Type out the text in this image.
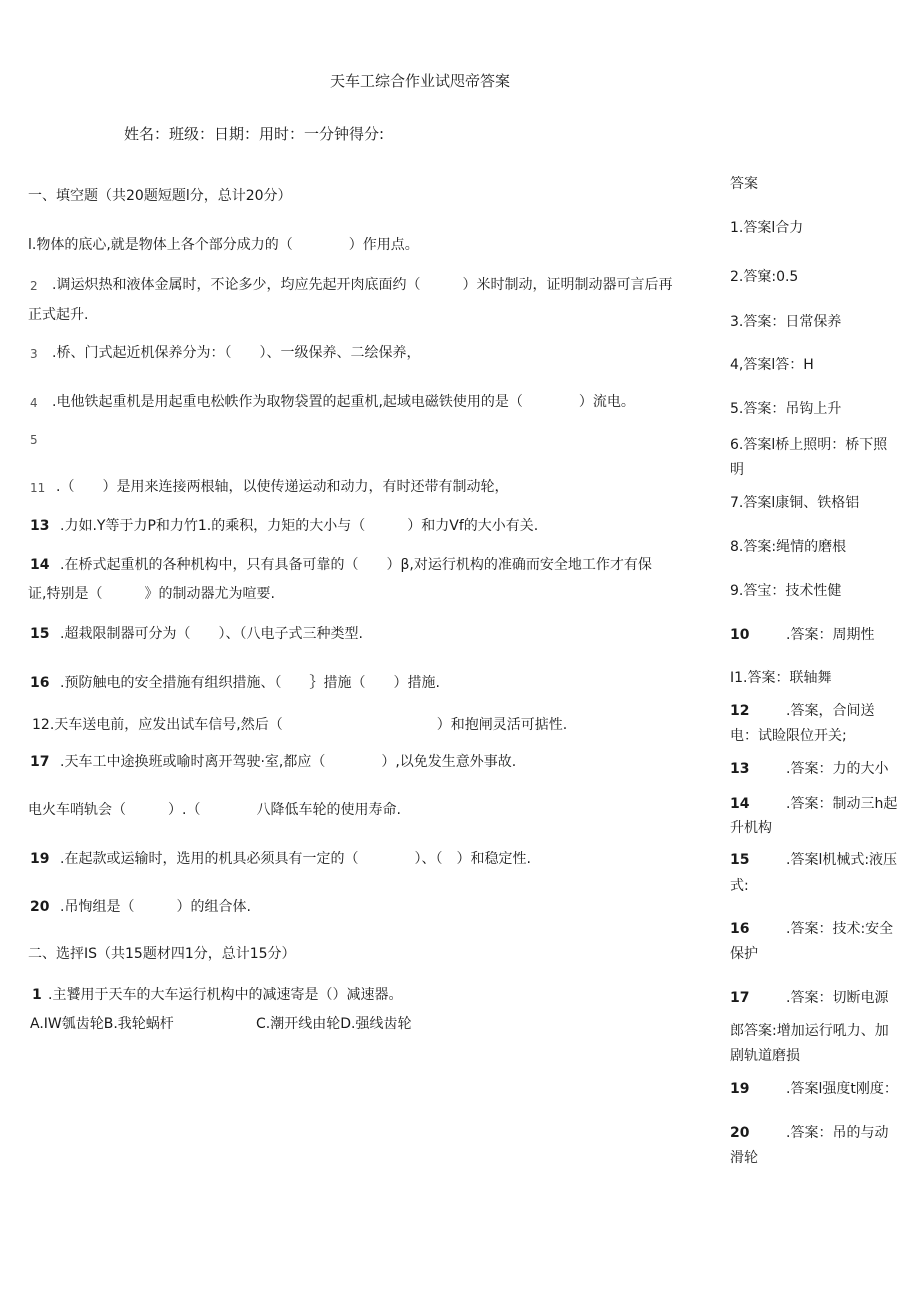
天车工综合作业试咫帝答案
姓名：班级：日期：用时：一分钟得分:
一、填空题（共20题短题l分，总计20分）
l.物体的底心,就是物体上各个部分成力的（　　　　）作用点。
2 .调运炽热和液体金属时，不论多少，均应先起开肉底面约（　　　）米时制动，证明制动器可言后再
正式起升.
3 .桥、门式起近机保养分为：（　　）、一级保养、二绘保养，
4 .电他铁起重机是用起重电松帙作为取物袋置的起重机,起域电磁铁使用的是（　　　　）流电。
5
11 .（　　）是用来连接两根轴，以使传递运动和动力，有时还带有制动轮，
13 .力如.Y等于力P和力竹1.的乘积，力矩的大小与（　　　）和力Vf的大小有关.
14 .在桥式起重机的各种机构中，只有具备可靠的（　　）β,对运行机构的准确而安全地工作才有保
证,特别是（　　　》的制动器尤为喧要.
15 .超栽限制器可分为（　　）、（八电子式三种类型.
16 .预防触电的安全措施有组织措施、（　　｝措施（　　）措施.
12.天车送电前，应发出试车信号,然后（　　　　　　　　　　　）和抱闸灵活可掂性.
17 .天车工中途换班或喻时离开驾驶·室,都应（　　　　）,以免发生意外事故.
电火车哨轨会（　　　）.（　　　　八降低车轮的使用寿命.
19 .在起款或运输时，选用的机具必须具有一定的（　　　　）、（　）和稳定性.
20 .吊恂组是（　　　）的组合体.
二、选抨IS（共15题材四1分，总计15分）
1 .主饕用于天车的大车运行机构中的减速寄是（）减速器。
A.IW瓠齿轮B.我轮蜗杆	C.潮开线由轮D.强线齿轮
答案
1.答案l合力
2.答窠:0.5
3.答案：日常保养
4,答案l答：H
5.答案：吊钩上升
6.答案l桥上照明：桥下照
明
7.答案l康铜、铁格铝
8.答案:绳情的磨根
9.答宝：技术性健
10	.答案：周期性
I1.答案：联轴舞
12	.答案，合间送
电：试睑限位开关;
13	.答案：力的大小
14	.答案：制动三h起
升机构
15	.答案l机械式:液压
式:
16	.答案：技术:安全
保护
17	.答案：切断电源
郎答案:增加运行吼力、加
剧轨道磨损
19	.答案l强度t刚度：
20	.答案：吊的与动
滑轮
